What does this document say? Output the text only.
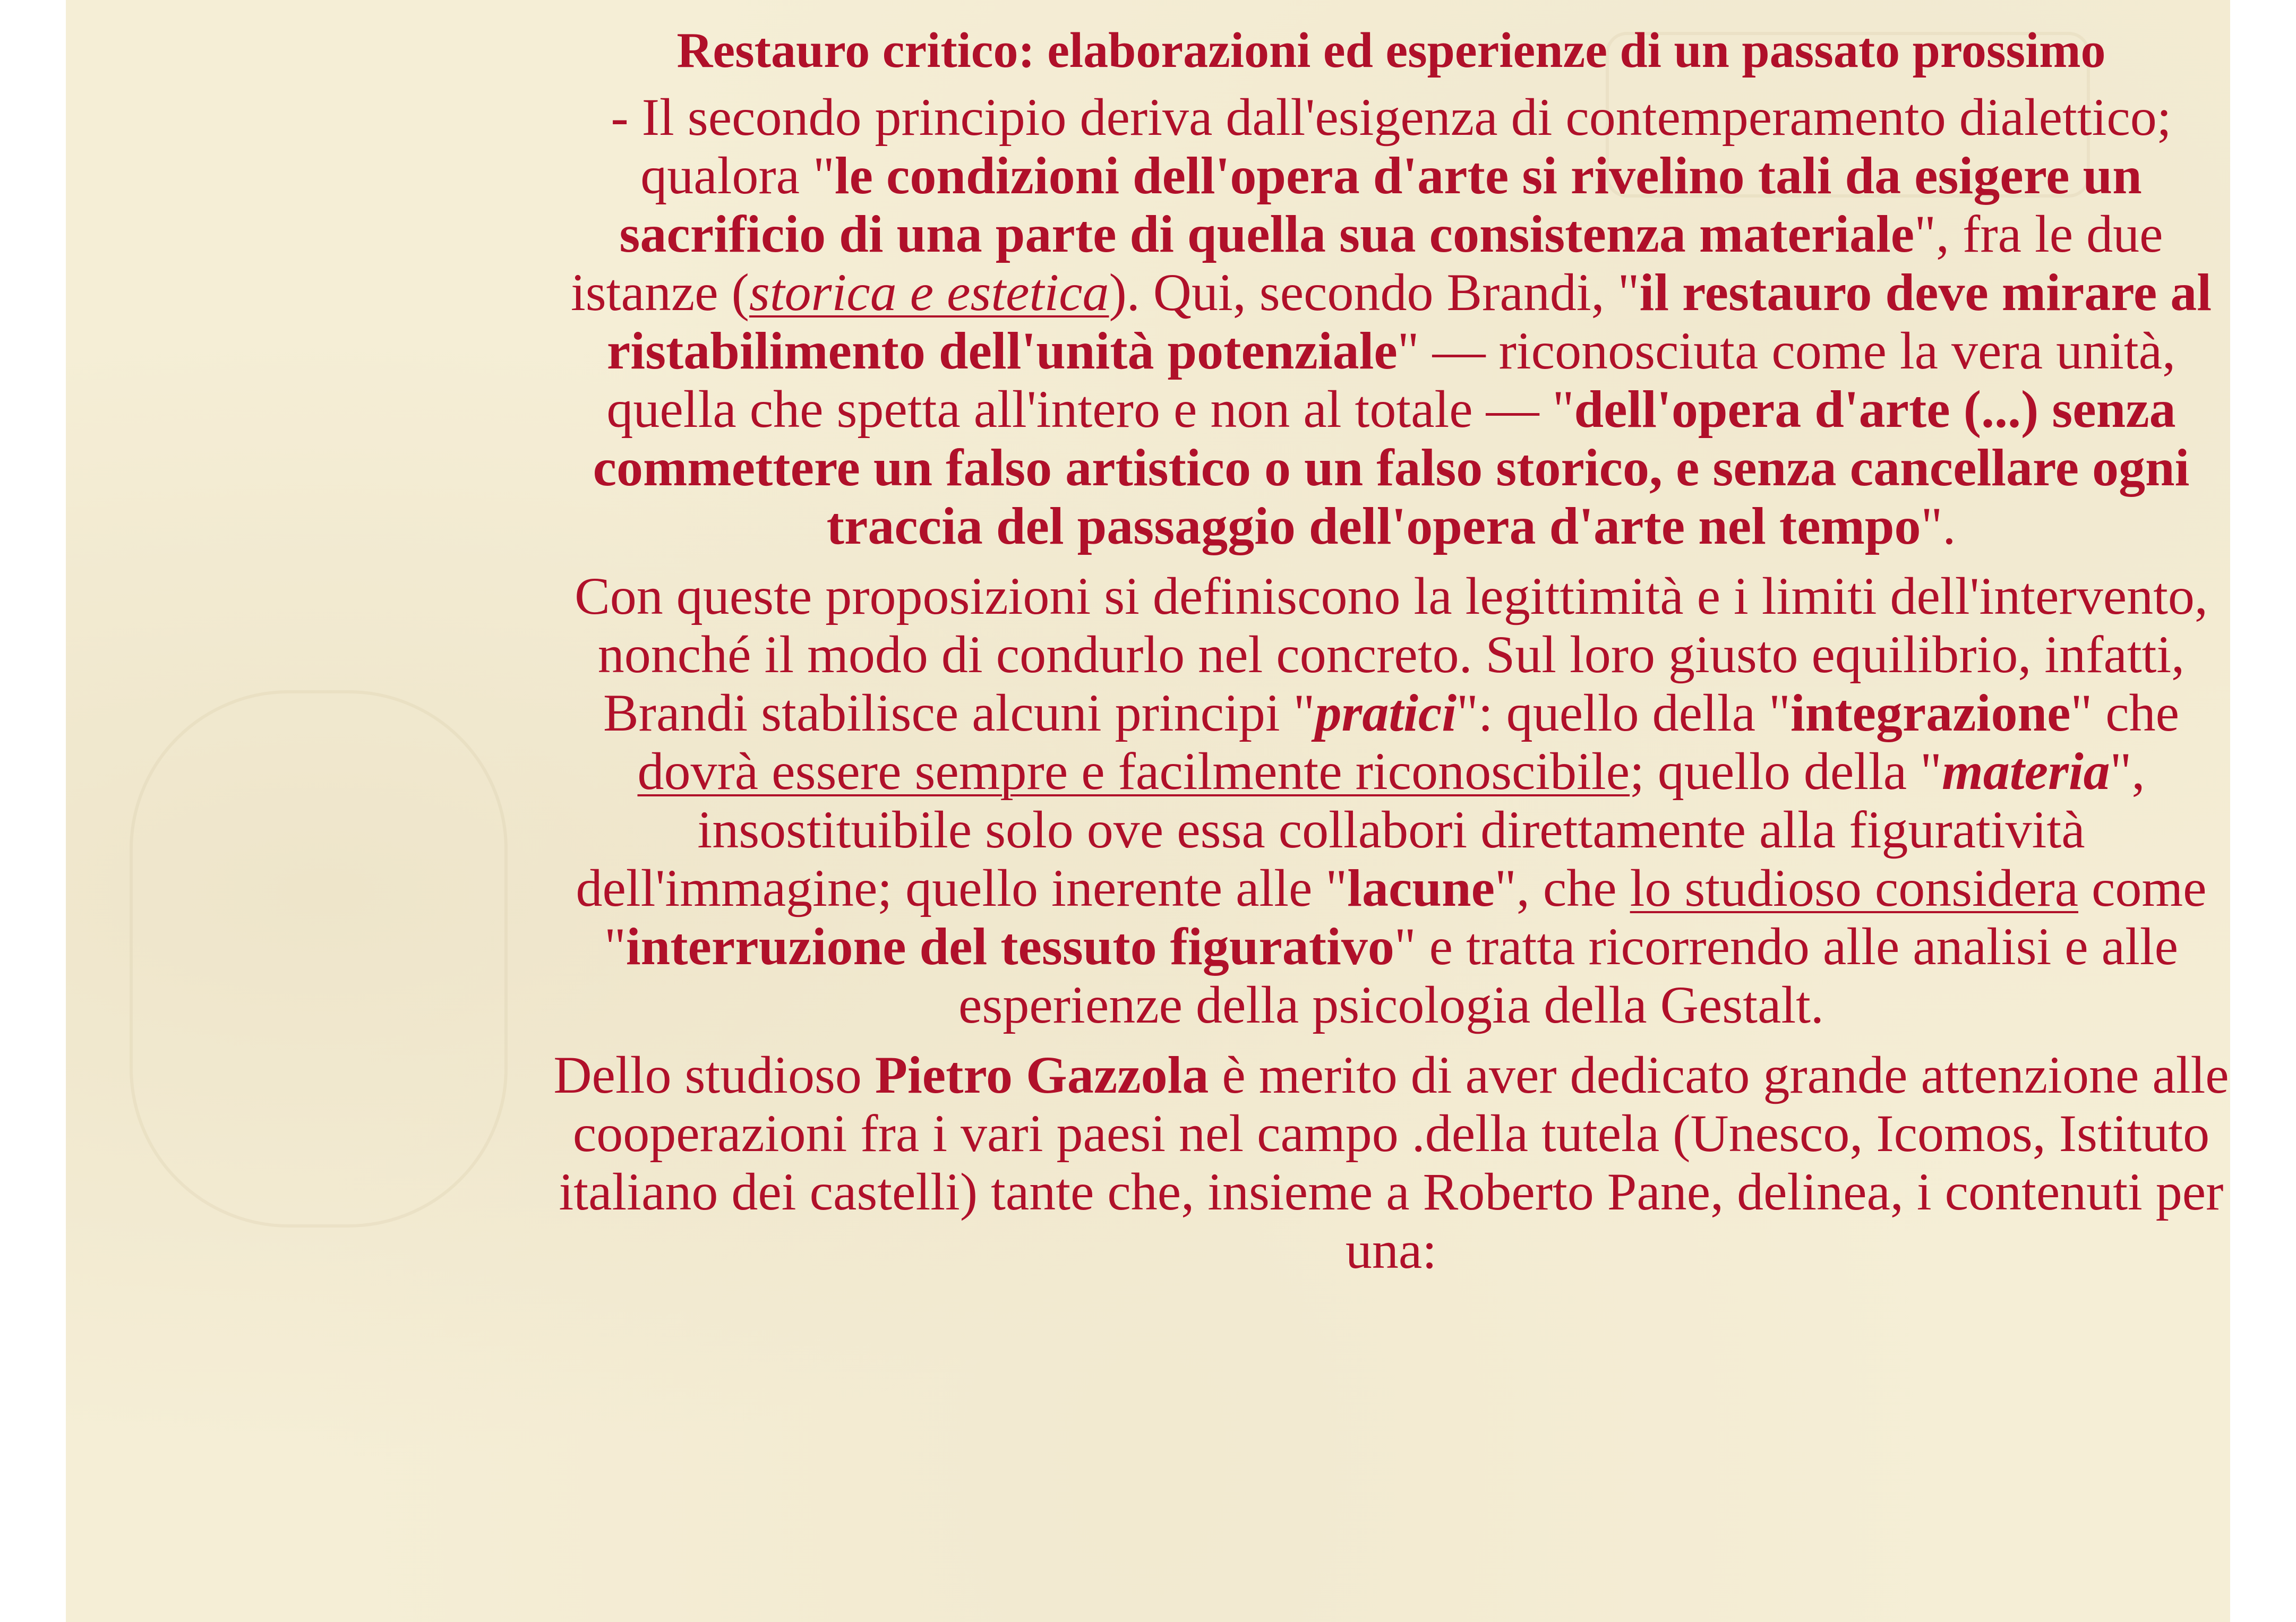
Restauro critico: elaborazioni ed esperienze di un passato prossimo

- Il secondo principio deriva dall'esigenza di contemperamento dialettico; qualora "le condizioni dell'opera d'arte si rivelino tali da esigere un sacrificio di una parte di quella sua consistenza materiale", fra le due istanze (storica e estetica). Qui, secondo Brandi, "il restauro deve mirare al ristabilimento dell'unità potenziale" — riconosciuta come la vera unità, quella che spetta all'intero e non al totale — "dell'opera d'arte (...) senza commettere un falso artistico o un falso storico, e senza cancellare ogni traccia del passaggio dell'opera d'arte nel tempo".

Con queste proposizioni si definiscono la legittimità e i limiti dell'intervento, nonché il modo di condurlo nel concreto. Sul loro giusto equilibrio, infatti, Brandi stabilisce alcuni principi "pratici": quello della "integrazione" che dovrà essere sempre e facilmente riconoscibile; quello della "materia", insostituibile solo ove essa collabori direttamente alla figuratività dell'immagine; quello inerente alle "lacune", che lo studioso considera come "interruzione del tessuto figurativo" e tratta ricorrendo alle analisi e alle esperienze della psicologia della Gestalt.

Dello studioso Pietro Gazzola è merito di aver dedicato grande attenzione alle cooperazioni fra i vari paesi nel campo .della tutela (Unesco, Icomos, Istituto italiano dei castelli) tante che, insieme a Roberto Pane, delinea, i contenuti per una:
